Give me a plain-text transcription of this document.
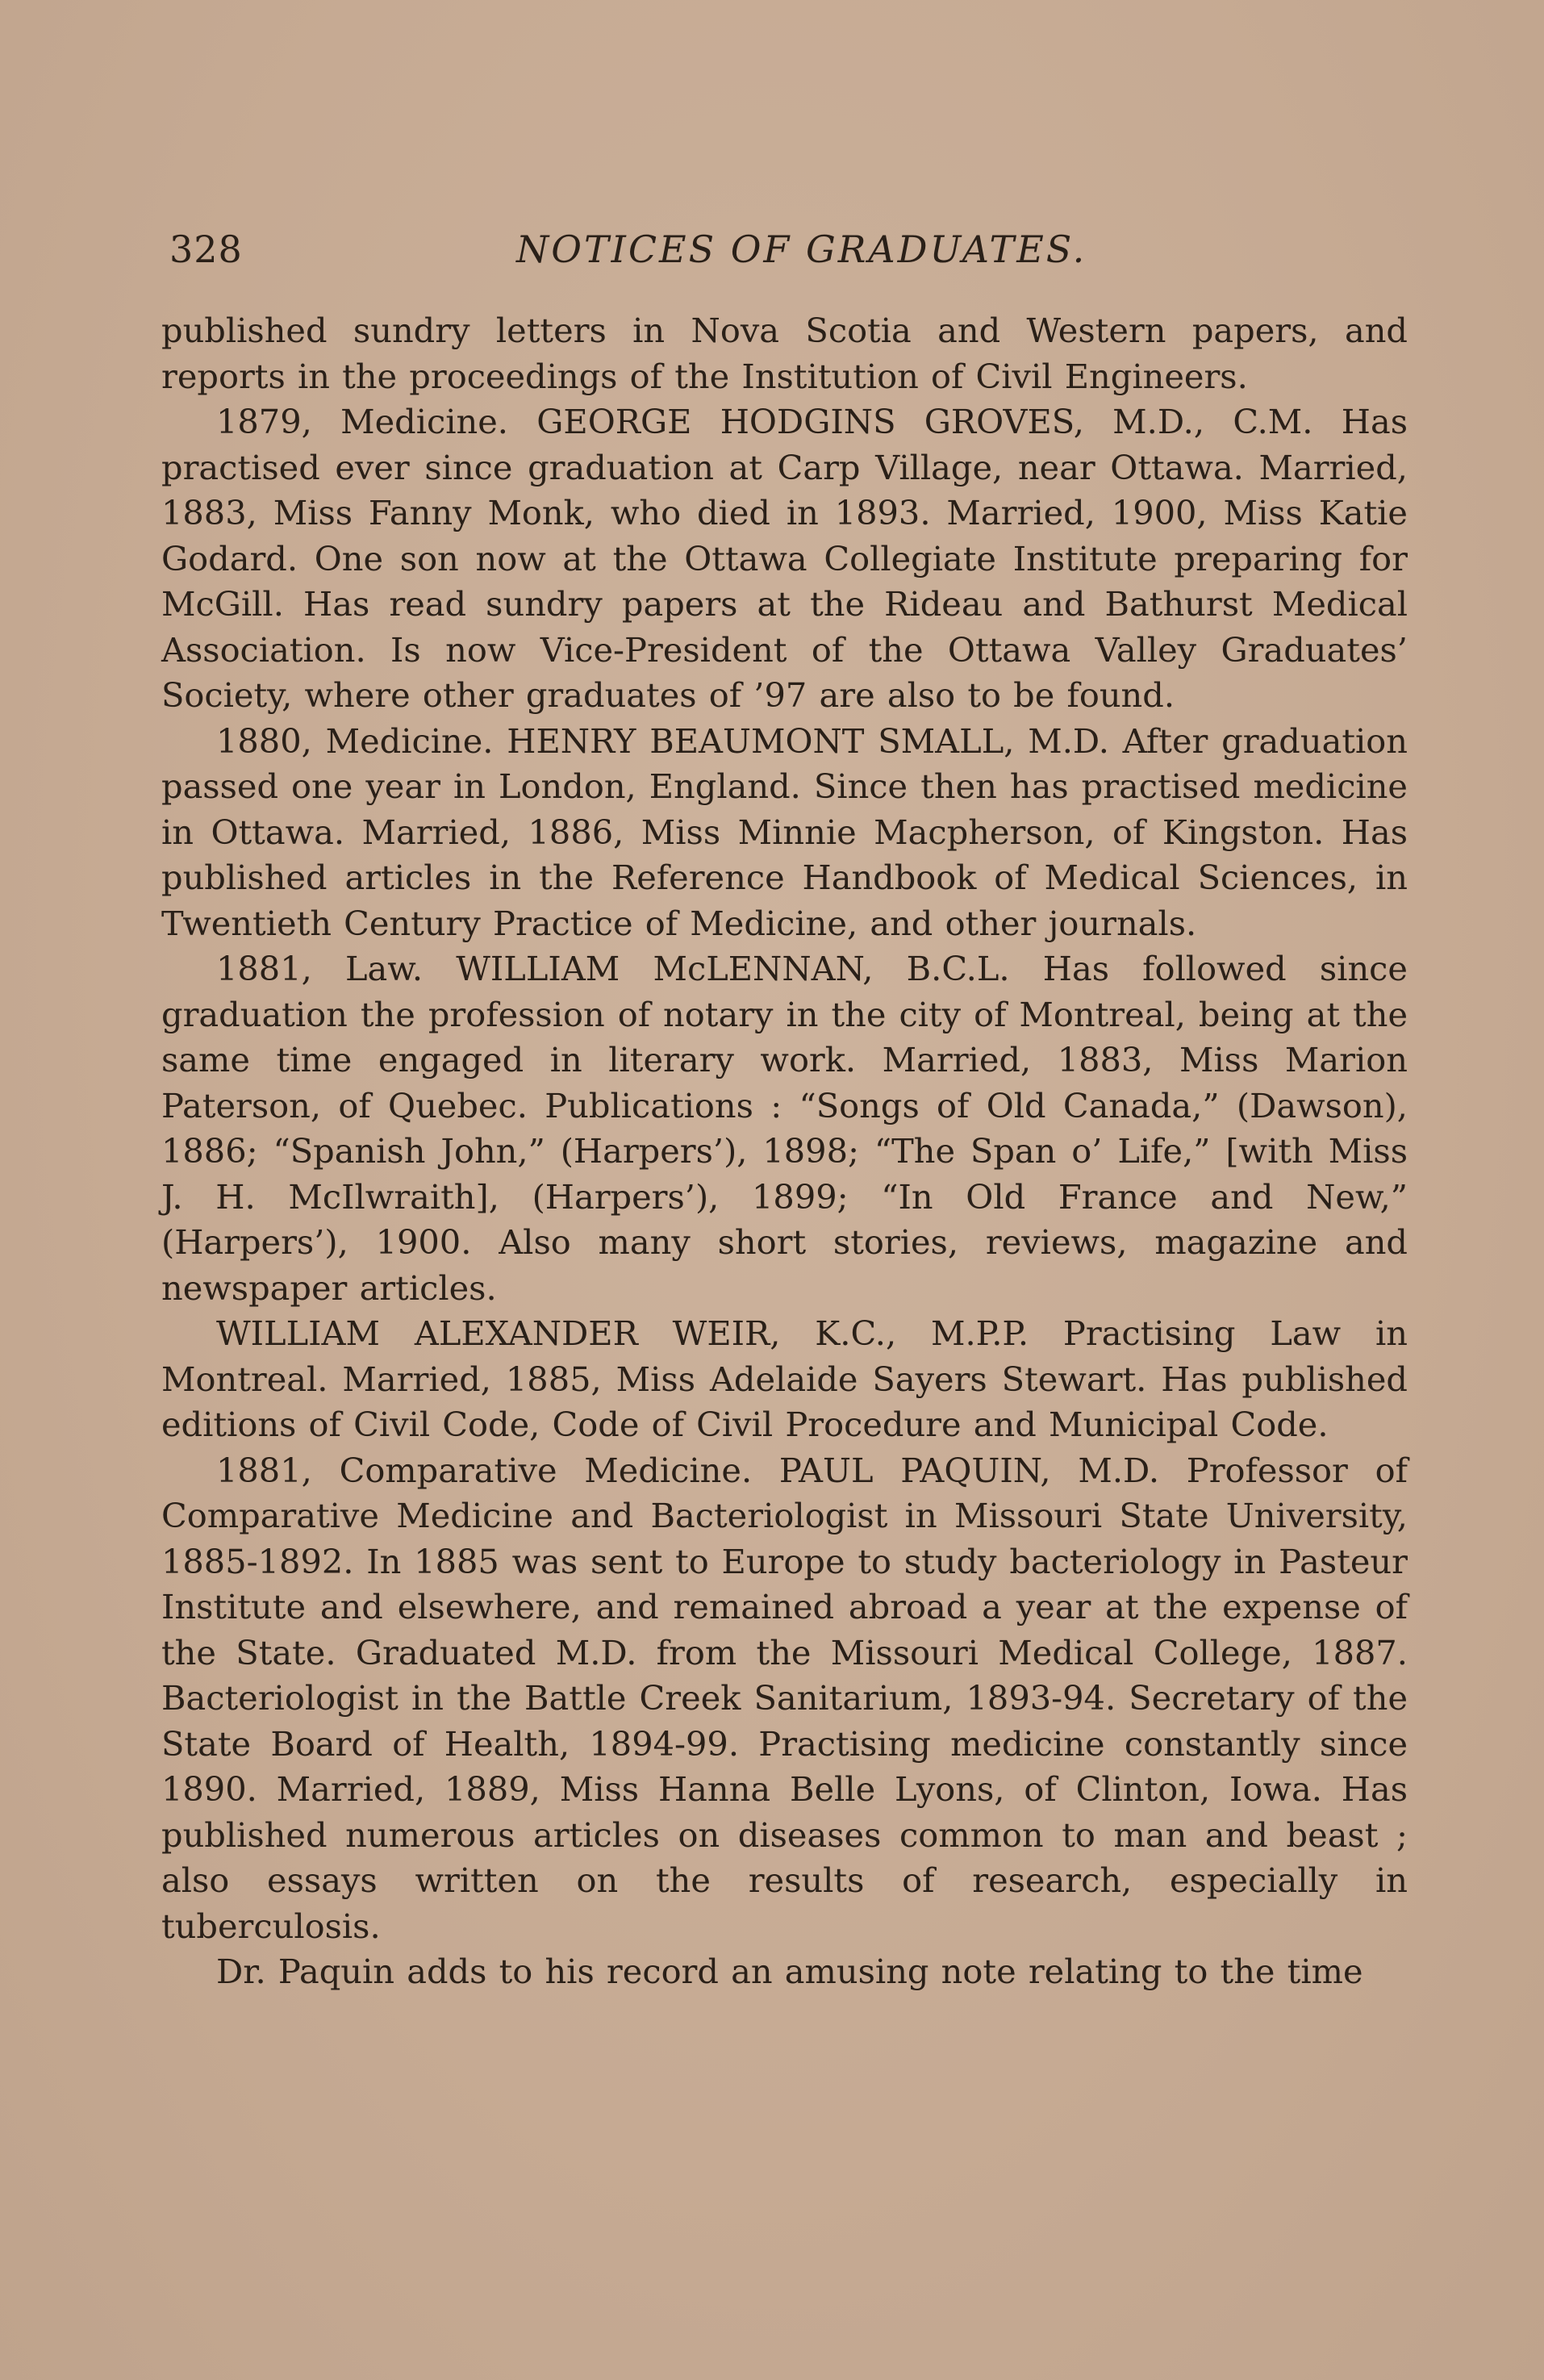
328	NOTICES OF GRADUATES.

published sundry letters in Nova Scotia and Western papers, and reports in the proceedings of the Institution of Civil Engineers.

1879, Medicine. GEORGE HODGINS GROVES, M.D., C.M. Has practised ever since graduation at Carp Village, near Ottawa. Married, 1883, Miss Fanny Monk, who died in 1893. Married, 1900, Miss Katie Godard. One son now at the Ottawa Collegiate Institute preparing for McGill. Has read sundry papers at the Rideau and Bathurst Medical Association. Is now Vice-President of the Ottawa Valley Graduates’ Society, where other graduates of ’97 are also to be found.

1880, Medicine. HENRY BEAUMONT SMALL, M.D. After graduation passed one year in London, England. Since then has practised medicine in Ottawa. Married, 1886, Miss Minnie Macpherson, of Kingston. Has published articles in the Reference Handbook of Medical Sciences, in Twentieth Century Practice of Medicine, and other journals.

1881, Law. WILLIAM McLENNAN, B.C.L. Has followed since graduation the profession of notary in the city of Montreal, being at the same time engaged in literary work. Married, 1883, Miss Marion Paterson, of Quebec. Publications : “Songs of Old Canada,” (Dawson), 1886; “Spanish John,” (Harpers’), 1898; “The Span o’ Life,” [with Miss J. H. McIlwraith], (Harpers’), 1899; “In Old France and New,” (Harpers’), 1900. Also many short stories, reviews, magazine and newspaper articles.

WILLIAM ALEXANDER WEIR, K.C., M.P.P. Practising Law in Montreal. Married, 1885, Miss Adelaide Sayers Stewart. Has published editions of Civil Code, Code of Civil Procedure and Municipal Code.

1881, Comparative Medicine. PAUL PAQUIN, M.D. Professor of Comparative Medicine and Bacteriologist in Missouri State University, 1885-1892. In 1885 was sent to Europe to study bacteriology in Pasteur Institute and elsewhere, and remained abroad a year at the expense of the State. Graduated M.D. from the Missouri Medical College, 1887. Bacteriologist in the Battle Creek Sanitarium, 1893-94. Secretary of the State Board of Health, 1894-99. Practising medicine constantly since 1890. Married, 1889, Miss Hanna Belle Lyons, of Clinton, Iowa. Has published numerous articles on diseases common to man and beast ; also essays written on the results of research, especially in tuberculosis.

Dr. Paquin adds to his record an amusing note relating to the time
